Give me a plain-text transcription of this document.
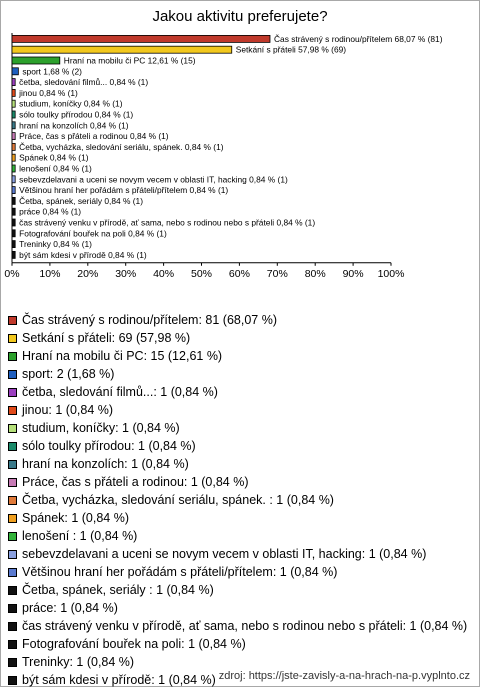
Jakou aktivitu preferujete?
Čas strávený s rodinou/přítelem 68,07 % (81)
Setkání s přáteli 57,98 % (69)
Hraní na mobilu či PC 12,61 % (15)
sport 1,68 % (2)
četba, sledování filmů... 0,84 % (1)
jinou 0,84 % (1)
studium, koníčky 0,84 % (1)
sólo toulky přírodou 0,84 % (1)
hraní na konzolích 0,84 % (1)
Práce, čas s přáteli a rodinou 0,84 % (1)
Četba, vycházka, sledování seriálu, spánek. 0,84 % (1)
Spánek 0,84 % (1)
lenošení 0,84 % (1)
sebevzdelavani a uceni se novym vecem v oblasti IT, hacking 0,84 % (1)
Většinou hraní her pořádám s přáteli/přítelem 0,84 % (1)
Četba, spánek, seriály 0,84 % (1)
práce 0,84 % (1)
čas strávený venku v přírodě, ať sama, nebo s rodinou nebo s přáteli 0,84 % (1)
Fotografování bouřek na poli 0,84 % (1)
Treninky 0,84 % (1)
být sám kdesi v přírodě 0,84 % (1)
0% 10% 20% 30% 40% 50% 60% 70% 80% 90% 100%
Čas strávený s rodinou/přítelem: 81 (68,07 %)
Setkání s přáteli: 69 (57,98 %)
Hraní na mobilu či PC: 15 (12,61 %)
sport: 2 (1,68 %)
četba, sledování filmů...: 1 (0,84 %)
jinou: 1 (0,84 %)
studium, koníčky: 1 (0,84 %)
sólo toulky přírodou: 1 (0,84 %)
hraní na konzolích: 1 (0,84 %)
Práce, čas s přáteli a rodinou: 1 (0,84 %)
Četba, vycházka, sledování seriálu, spánek. : 1 (0,84 %)
Spánek: 1 (0,84 %)
lenošení : 1 (0,84 %)
sebevzdelavani a uceni se novym vecem v oblasti IT, hacking: 1 (0,84 %)
Většinou hraní her pořádám s přáteli/přítelem: 1 (0,84 %)
Četba, spánek, seriály : 1 (0,84 %)
práce: 1 (0,84 %)
čas strávený venku v přírodě, ať sama, nebo s rodinou nebo s přáteli: 1 (0,84 %)
Fotografování bouřek na poli: 1 (0,84 %)
Treninky: 1 (0,84 %)
být sám kdesi v přírodě: 1 (0,84 %) zdroj: https://jste-zavisly-a-na-hrach-na-p.vyplnto.cz
